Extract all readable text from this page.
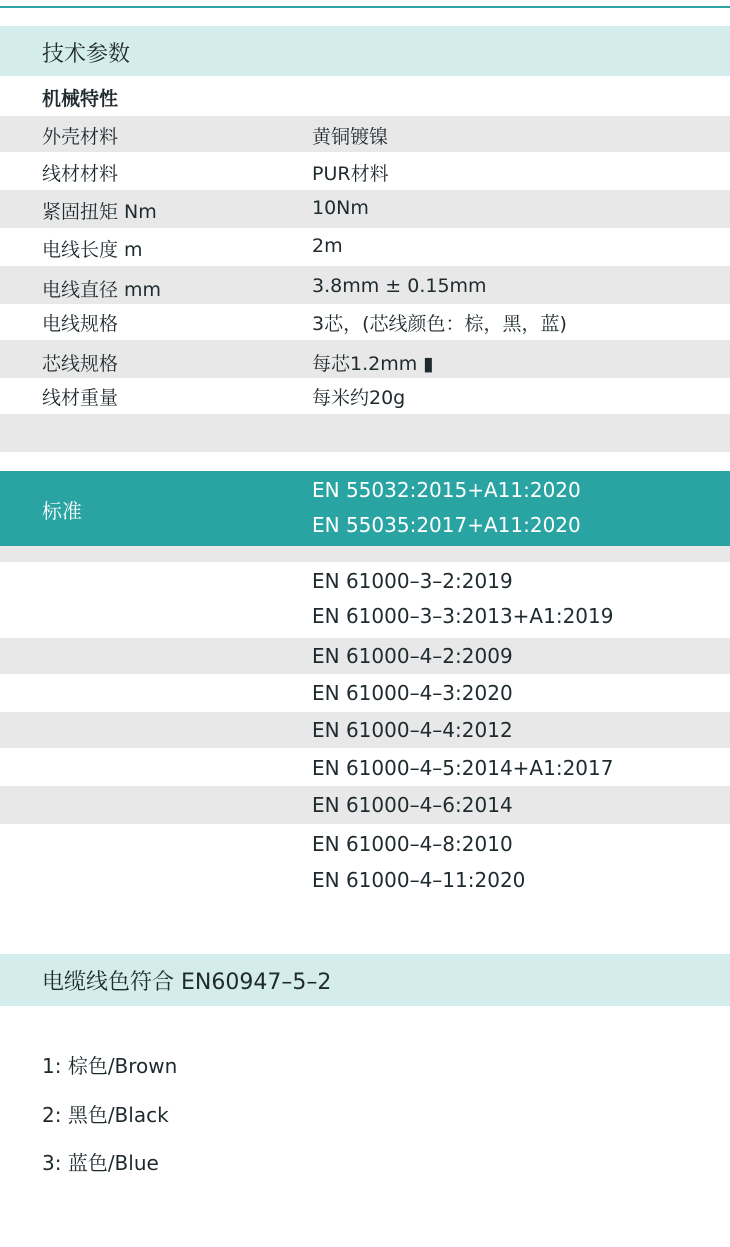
技术参数
机械特性
外壳材料	黄铜镀镍
线材材料	PUR材料
紧固扭矩 Nm	10Nm
电线长度 m	2m
电线直径 mm	3.8mm ± 0.15mm
电线规格	3芯，(芯线颜色：棕，黑，蓝)
芯线规格	每芯1.2mm ▮
线材重量	每米约20g
标准
EN 55032:2015+A11:2020
EN 55035:2017+A11:2020
EN 61000–3–2:2019
EN 61000–3–3:2013+A1:2019
EN 61000–4–2:2009
EN 61000–4–3:2020
EN 61000–4–4:2012
EN 61000–4–5:2014+A1:2017
EN 61000–4–6:2014
EN 61000–4–8:2010
EN 61000–4–11:2020
电缆线色符合 EN60947–5–2
1: 棕色/Brown
2: 黑色/Black
3: 蓝色/Blue
